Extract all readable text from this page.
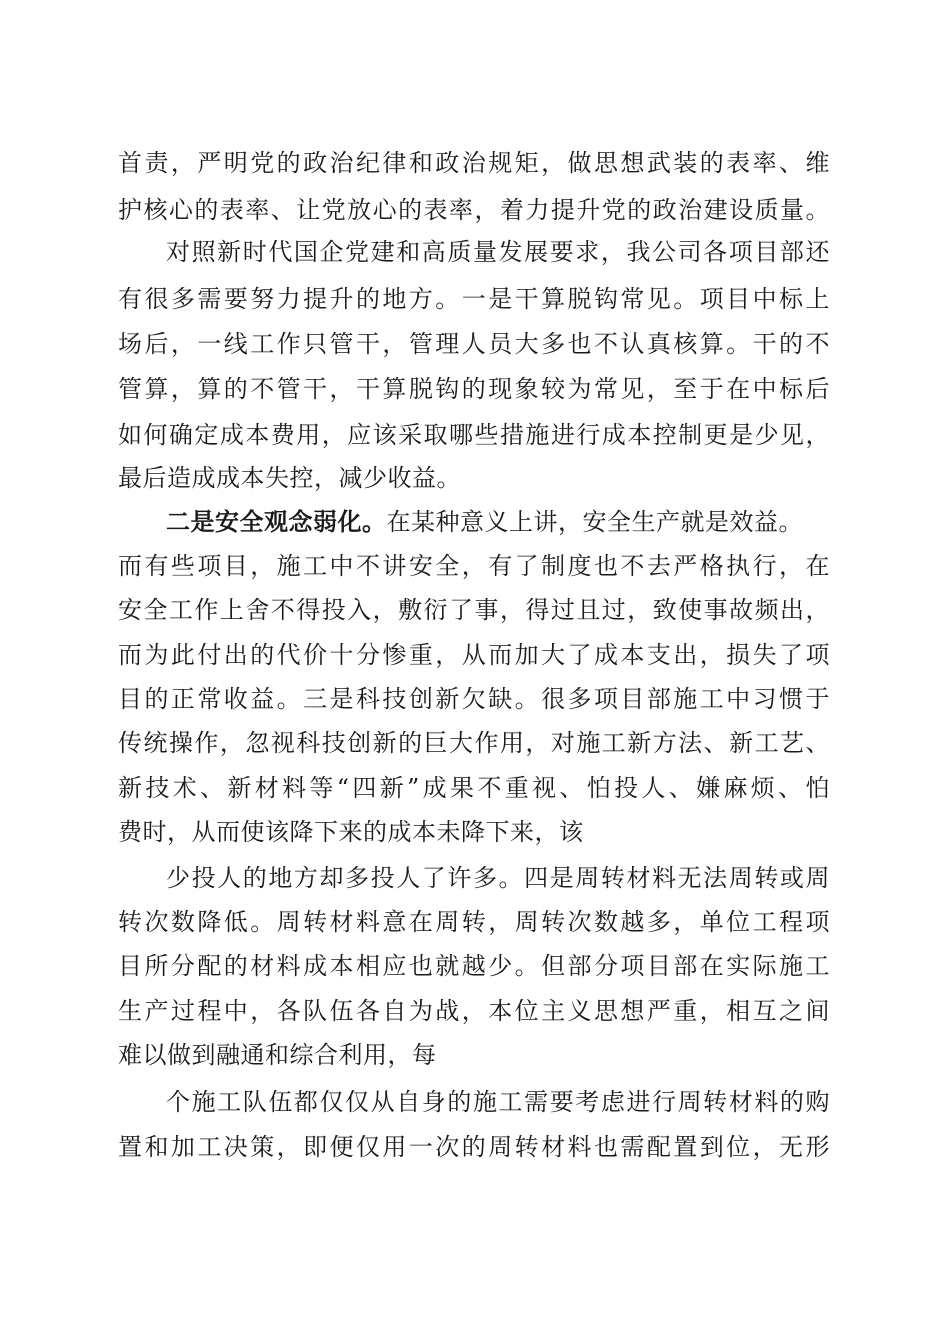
首责，严明党的政治纪律和政治规矩，做思想武装的表率、维
护核心的表率、让党放心的表率，着力提升党的政治建设质量。
对照新时代国企党建和高质量发展要求，我公司各项目部还
有很多需要努力提升的地方。一是干算脱钩常见。项目中标上
场后，一线工作只管干，管理人员大多也不认真核算。干的不
管算，算的不管干，干算脱钩的现象较为常见，至于在中标后
如何确定成本费用，应该采取哪些措施进行成本控制更是少见，
最后造成成本失控，减少收益。
二是安全观念弱化。在某种意义上讲，安全生产就是效益。
而有些项目，施工中不讲安全，有了制度也不去严格执行，在
安全工作上舍不得投入，敷衍了事，得过且过，致使事故频出，
而为此付出的代价十分惨重，从而加大了成本支出，损失了项
目的正常收益。三是科技创新欠缺。很多项目部施工中习惯于
传统操作，忽视科技创新的巨大作用，对施工新方法、新工艺、
新技术、新材料等“四新”成果不重视、怕投人、嫌麻烦、怕
费时，从而使该降下来的成本未降下来，该
少投人的地方却多投人了许多。四是周转材料无法周转或周
转次数降低。周转材料意在周转，周转次数越多，单位工程项
目所分配的材料成本相应也就越少。但部分项目部在实际施工
生产过程中，各队伍各自为战，本位主义思想严重，相互之间
难以做到融通和综合利用，每
个施工队伍都仅仅从自身的施工需要考虑进行周转材料的购
置和加工决策，即便仅用一次的周转材料也需配置到位，无形
